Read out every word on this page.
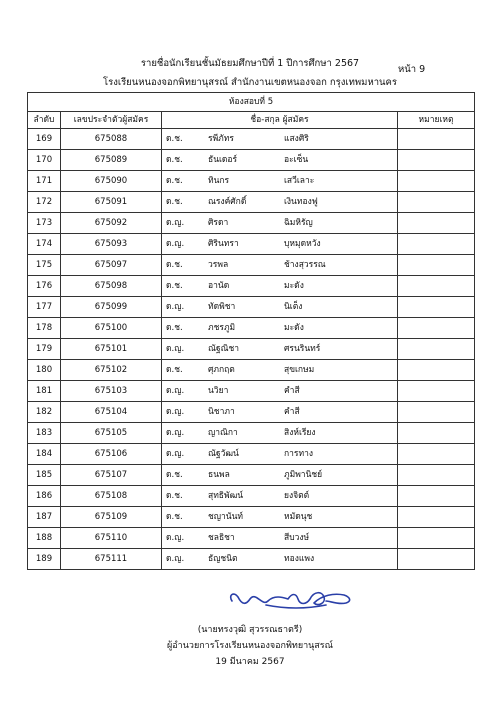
รายชื่อนักเรียนชั้นมัธยมศึกษาปีที่ 1 ปีการศึกษา 2567
หน้า 9
โรงเรียนหนองจอกพิทยานุสรณ์ สำนักงานเขตหนองจอก กรุงเทพมหานคร
ห้องสอบที่ 5			
ลำดับ	เลขประจำตัวผู้สมัคร	ชื่อ-สกุล ผู้สมัคร	หมายเหตุ
169	675088	ด.ช. รพีภัทร แสงศิริ	

170	675089	ด.ช. ธันเดอร์ อะเซ็น	

171	675090	ด.ช. ทินกร เสวีเลาะ	

172	675091	ด.ช. ณรงค์ศักดิ์ เงินทองฟู	

173	675092	ด.ญ. ศิรดา ฉิมหิรัญ	

174	675093	ด.ญ. ศิรินทรา บุหมุดหวัง	

175	675097	ด.ช. วรพล ช้างสุวรรณ	

176	675098	ด.ช. อานัด มะดัง	

177	675099	ด.ญ. ทัดพิชา นิเต็ง	

178	675100	ด.ช. ภชรภูมิ มะดัง	

179	675101	ด.ญ. ณัฐณิชา ศรนรินทร์	

180	675102	ด.ช. ศุภกฤต สุขเกษม	

181	675103	ด.ญ. นวิยา คำสี	

182	675104	ด.ญ. นิชาภา คำสี	

183	675105	ด.ญ. ญาณิกา สิงห์เรียง	

184	675106	ด.ญ. ณัฐวัฒน์ การทาง	

185	675107	ด.ช. ธนพล ภูมิพานิชย์	

186	675108	ด.ช. สุทธิพัฒน์ ยงจิตต์	

187	675109	ด.ช. ชญานันท์ หมัดนุช	

188	675110	ด.ญ. ชลธิชา สีบวงษ์	

189	675111	ด.ญ. ธัญชนิต ทองแพง	

(นายทรงวุฒิ สุวรรณธาตรี)
ผู้อำนวยการโรงเรียนหนองจอกพิทยานุสรณ์
19 มีนาคม 2567
